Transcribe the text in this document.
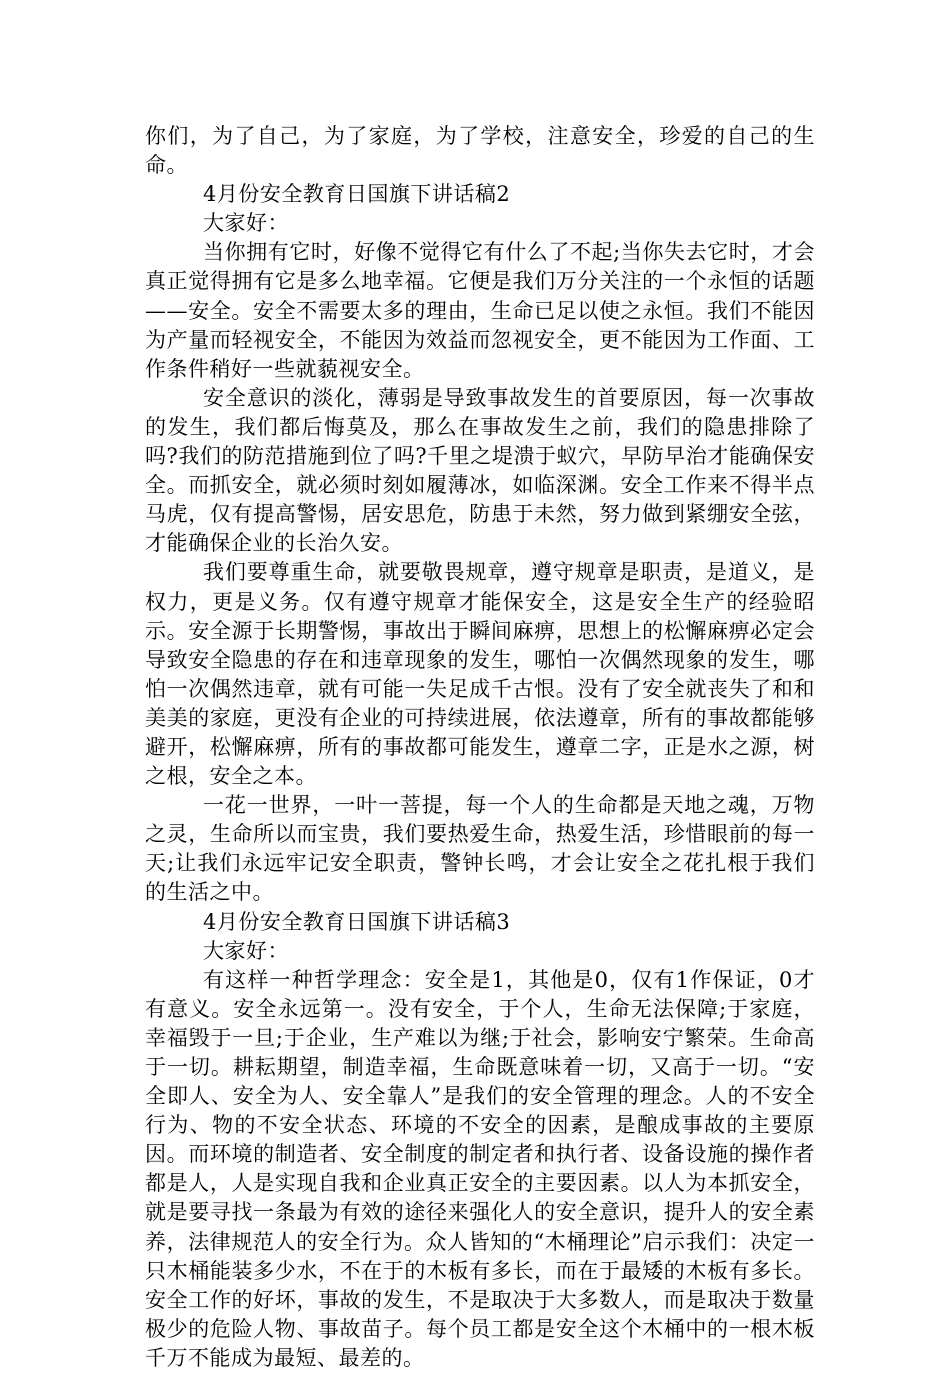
你们，为了自己，为了家庭，为了学校，注意安全，珍爱的自己的生命。

4月份安全教育日国旗下讲话稿2

大家好：

当你拥有它时，好像不觉得它有什么了不起;当你失去它时，才会真正觉得拥有它是多么地幸福。它便是我们万分关注的一个永恒的话题——安全。安全不需要太多的理由，生命已足以使之永恒。我们不能因为产量而轻视安全，不能因为效益而忽视安全，更不能因为工作面、工作条件稍好一些就藐视安全。

安全意识的淡化，薄弱是导致事故发生的首要原因，每一次事故的发生，我们都后悔莫及，那么在事故发生之前，我们的隐患排除了吗?我们的防范措施到位了吗?千里之堤溃于蚁穴，早防早治才能确保安全。而抓安全，就必须时刻如履薄冰，如临深渊。安全工作来不得半点马虎，仅有提高警惕，居安思危，防患于未然，努力做到紧绷安全弦，才能确保企业的长治久安。

我们要尊重生命，就要敬畏规章，遵守规章是职责，是道义，是权力，更是义务。仅有遵守规章才能保安全，这是安全生产的经验昭示。安全源于长期警惕，事故出于瞬间麻痹，思想上的松懈麻痹必定会导致安全隐患的存在和违章现象的发生，哪怕一次偶然现象的发生，哪怕一次偶然违章，就有可能一失足成千古恨。没有了安全就丧失了和和美美的家庭，更没有企业的可持续进展，依法遵章，所有的事故都能够避开，松懈麻痹，所有的事故都可能发生，遵章二字，正是水之源，树之根，安全之本。

一花一世界，一叶一菩提，每一个人的生命都是天地之魂，万物之灵，生命所以而宝贵，我们要热爱生命，热爱生活，珍惜眼前的每一天;让我们永远牢记安全职责，警钟长鸣，才会让安全之花扎根于我们的生活之中。

4月份安全教育日国旗下讲话稿3

大家好：

有这样一种哲学理念：安全是1，其他是0，仅有1作保证，0才有意义。安全永远第一。没有安全，于个人，生命无法保障;于家庭，幸福毁于一旦;于企业，生产难以为继;于社会，影响安宁繁荣。生命高于一切。耕耘期望，制造幸福，生命既意味着一切，又高于一切。“安全即人、安全为人、安全靠人”是我们的安全管理的理念。人的不安全行为、物的不安全状态、环境的不安全的因素，是酿成事故的主要原因。而环境的制造者、安全制度的制定者和执行者、设备设施的操作者都是人，人是实现自我和企业真正安全的主要因素。以人为本抓安全，就是要寻找一条最为有效的途径来强化人的安全意识，提升人的安全素养，法律规范人的安全行为。众人皆知的“木桶理论”启示我们：决定一只木桶能装多少水，不在于的木板有多长，而在于最矮的木板有多长。安全工作的好坏，事故的发生，不是取决于大多数人，而是取决于数量极少的危险人物、事故苗子。每个员工都是安全这个木桶中的一根木板千万不能成为最短、最差的。
